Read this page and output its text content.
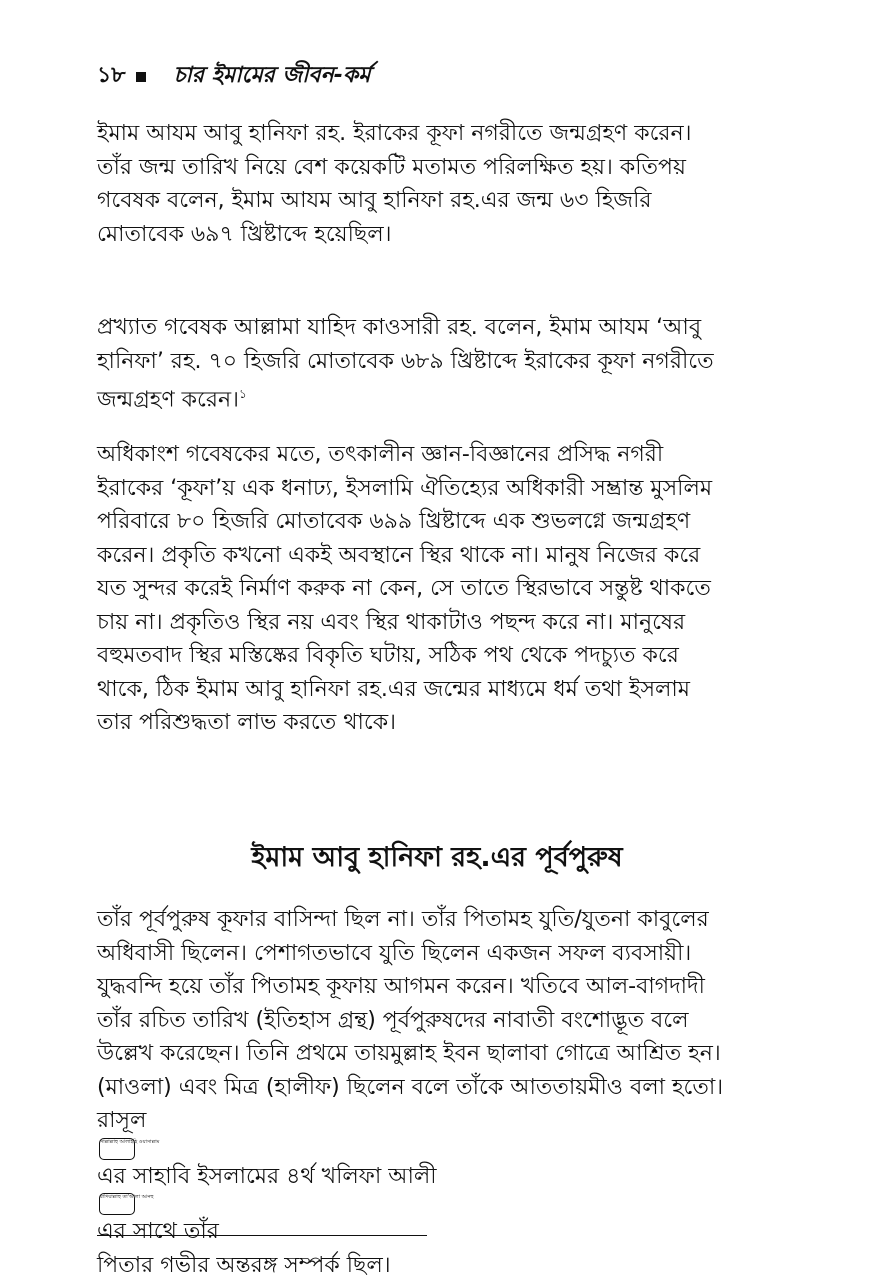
১৮ চার ইমামের জীবন-কর্ম

ইমাম আযম আবু হানিফা রহ. ইরাকের কূফা নগরীতে জন্মগ্রহণ করেন।
তাঁর জন্ম তারিখ নিয়ে বেশ কয়েকটি মতামত পরিলক্ষিত হয়। কতিপয়
গবেষক বলেন, ইমাম আযম আবু হানিফা রহ.এর জন্ম ৬৩ হিজরি
মোতাবেক ৬৯৭ খ্রিষ্টাব্দে হয়েছিল।

প্রখ্যাত গবেষক আল্লামা যাহিদ কাওসারী রহ. বলেন, ইমাম আযম ‘আবু
হানিফা’ রহ. ৭০ হিজরি মোতাবেক ৬৮৯ খ্রিষ্টাব্দে ইরাকের কূফা নগরীতে
জন্মগ্রহণ করেন।$^১$

অধিকাংশ গবেষকের মতে, তৎকালীন জ্ঞান-বিজ্ঞানের প্রসিদ্ধ নগরী
ইরাকের ‘কূফা’য় এক ধনাঢ্য, ইসলামি ঐতিহ্যের অধিকারী সম্ভ্রান্ত মুসলিম
পরিবারে ৮০ হিজরি মোতাবেক ৬৯৯ খ্রিষ্টাব্দে এক শুভলগ্নে জন্মগ্রহণ
করেন। প্রকৃতি কখনো একই অবস্থানে স্থির থাকে না। মানুষ নিজের করে
যত সুন্দর করেই নির্মাণ করুক না কেন, সে তাতে স্থিরভাবে সন্তুষ্ট থাকতে
চায় না। প্রকৃতিও স্থির নয় এবং স্থির থাকাটাও পছন্দ করে না। মানুষের
বহুমতবাদ স্থির মস্তিষ্কের বিকৃতি ঘটায়, সঠিক পথ থেকে পদচ্যুত করে
থাকে, ঠিক ইমাম আবু হানিফা রহ.এর জন্মের মাধ্যমে ধর্ম তথা ইসলাম
তার পরিশুদ্ধতা লাভ করতে থাকে।

ইমাম আবু হানিফা রহ.এর পূর্বপুরুষ

তাঁর পূর্বপুরুষ কূফার বাসিন্দা ছিল না। তাঁর পিতামহ যুতি/যুতনা কাবুলের
অধিবাসী ছিলেন। পেশাগতভাবে যুতি ছিলেন একজন সফল ব্যবসায়ী।
যুদ্ধবন্দি হয়ে তাঁর পিতামহ কূফায় আগমন করেন। খতিবে আল-বাগদাদী
তাঁর রচিত তারিখ (ইতিহাস গ্রন্থ) পূর্বপুরুষদের নাবাতী বংশোদ্ভূত বলে
উল্লেখ করেছেন। তিনি প্রথমে তায়মুল্লাহ ইবন ছালাবা গোত্রে আশ্রিত হন।
(মাওলা) এবং মিত্র (হালীফ) ছিলেন বলে তাঁকে আততায়মীও বলা হতো।
রাসূল
সাল্লাল্লাহু আলাইহি ওয়াসাল্লাম
এর সাহাবি ইসলামের ৪র্থ খলিফা আলী
রাদিয়াল্লাহু তা'আলা আনহু
এর সাথে তাঁর
পিতার গভীর অন্তরঙ্গ সম্পর্ক ছিল।
